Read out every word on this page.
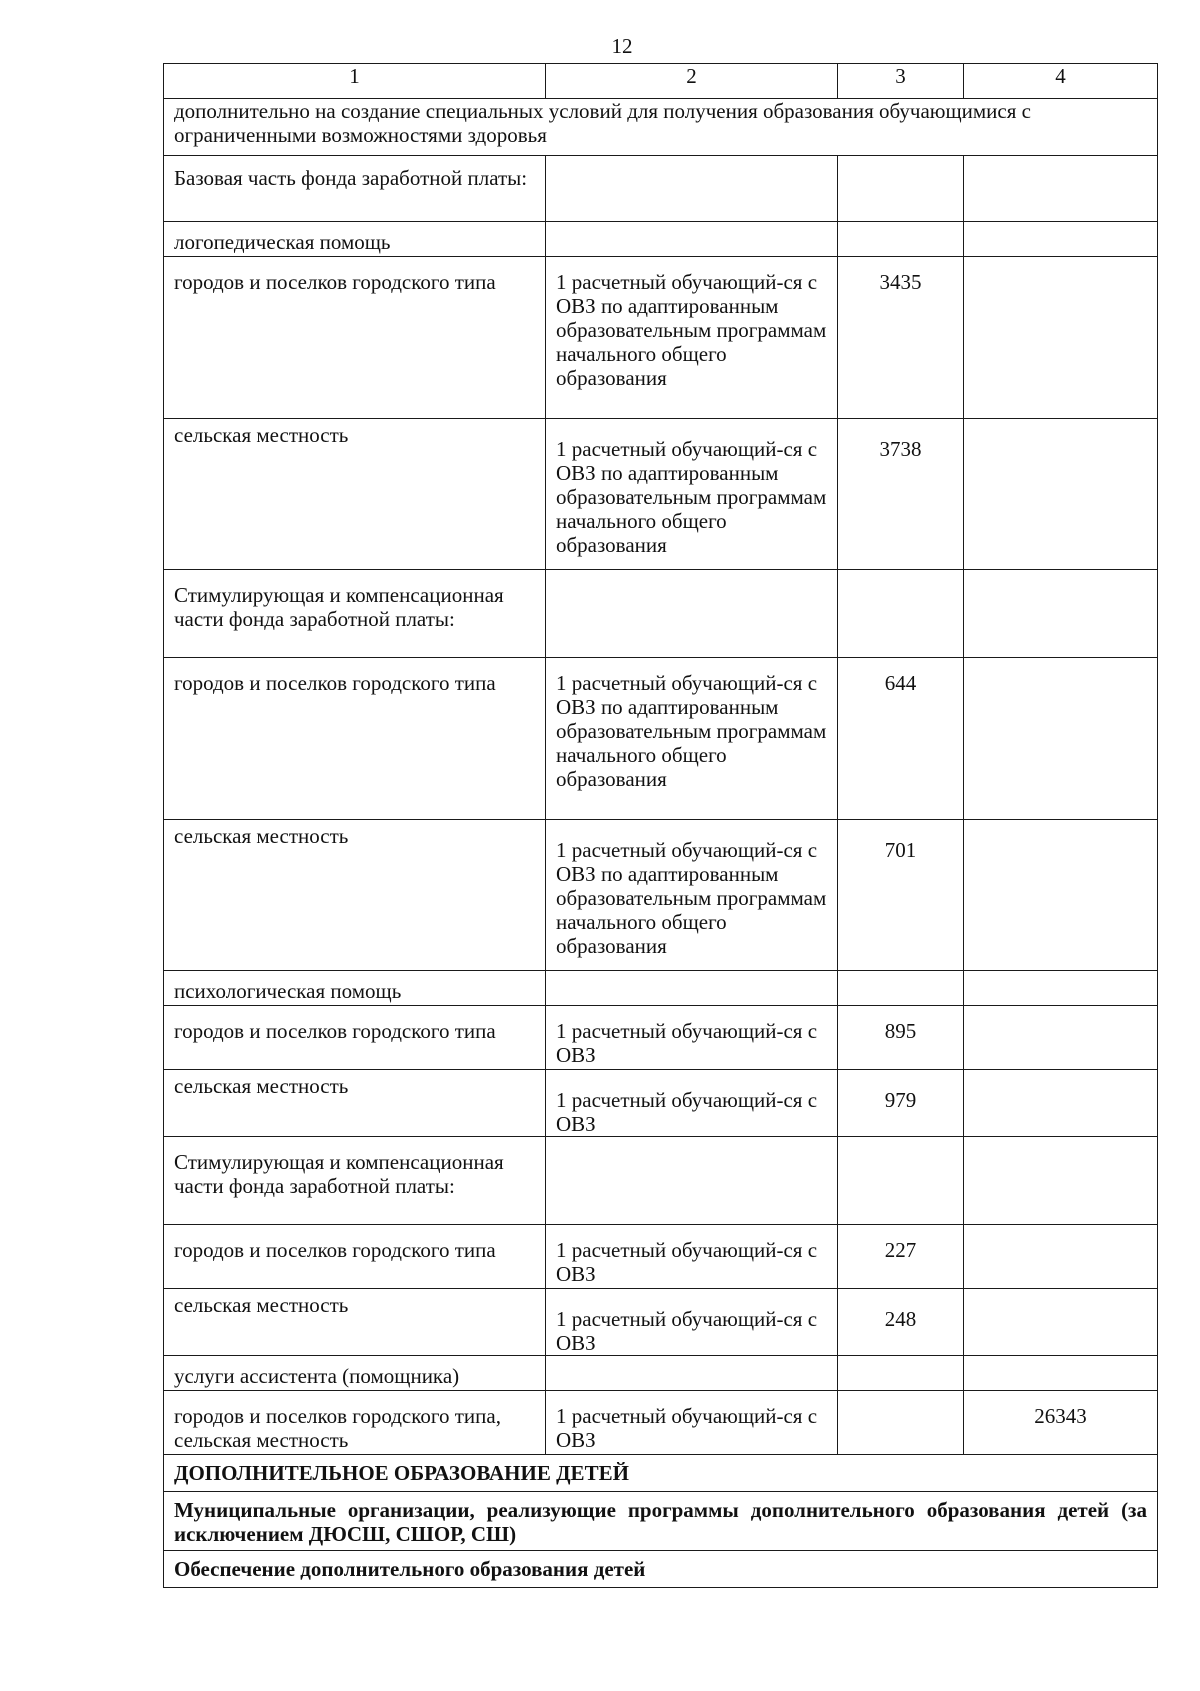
12
1	2	3	4
дополнительно на создание специальных условий для получения образования обучающимися с ограниченными возможностями здоровья			
Базовая часть фонда заработной платы:			
логопедическая помощь			
городов и поселков городского типа	1 расчетный обучающий-ся с ОВЗ по адаптированным образовательным программам начального общего образования	3435	
сельская местность	1 расчетный обучающий-ся с ОВЗ по адаптированным образовательным программам начального общего образования	3738	
Стимулирующая и компенсационная части фонда заработной платы:			
городов и поселков городского типа	1 расчетный обучающий-ся с ОВЗ по адаптированным образовательным программам начального общего образования	644	
сельская местность	1 расчетный обучающий-ся с ОВЗ по адаптированным образовательным программам начального общего образования	701	
психологическая помощь			
городов и поселков городского типа	1 расчетный обучающий-ся с ОВЗ	895	
сельская местность	1 расчетный обучающий-ся с ОВЗ	979	
Стимулирующая и компенсационная части фонда заработной платы:			
городов и поселков городского типа	1 расчетный обучающий-ся с ОВЗ	227	
сельская местность	1 расчетный обучающий-ся с ОВЗ	248	
услуги ассистента (помощника)			
городов и поселков городского типа, сельская местность	1 расчетный обучающий-ся с ОВЗ		26343
ДОПОЛНИТЕЛЬНОЕ ОБРАЗОВАНИЕ ДЕТЕЙ			
Муниципальные организации, реализующие программы дополнительного образования детей (за исключением ДЮСШ, СШОР, СШ)			
Обеспечение дополнительного образования детей			
